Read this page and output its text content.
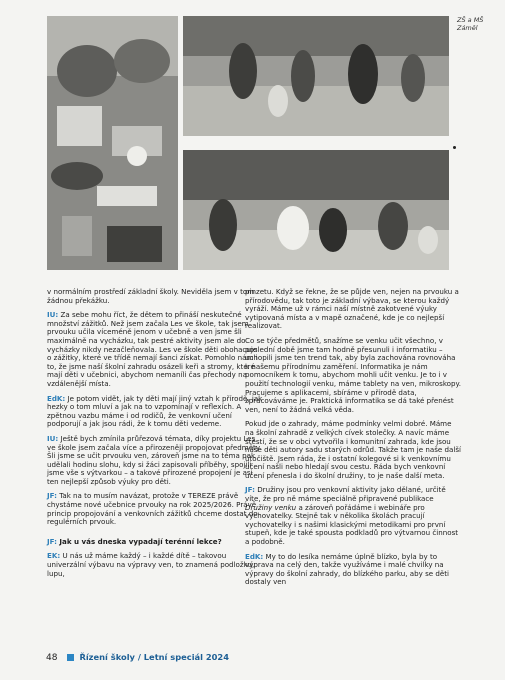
ZŠ a MŠ
Záměl

v normálním prostředí základní školy. Neviděla jsem v tom žádnou překážku.

IU: Za sebe mohu říct, že dětem to přináší neskutečné množství zážitků. Než jsem začala Les ve škole, tak jsem prvouku učila víceméně jenom v učebně a ven jsme šli maximálně na vycházku, tak pestré aktivity jsem ale do vycházky nikdy nezačleňovala. Les ve škole děti obohacuje o zážitky, které ve třídě nemají šanci získat. Pomohlo nám i to, že jsme naší školní zahradu osázeli keři a stromy, které mají děti v učebnici, abychom nemaníli čas přechody na vzdálenější místa.

EdK: Je potom vidět, jak ty děti mají jiný vztah k přírodě, jak hezky o tom mluví a jak na to vzpomínají v reflexích. A zpětnou vazbu máme i od rodičů, že venkovní učení podporují a jak jsou rádi, že k tomu děti vedeme.

IU: Ještě bych zmínila průřezová témata, díky projektu Les ve škole jsem začala více a přirozeněji propojovat předměty. Šli jsme se učit prvouku ven, zároveň jsme na to téma pak udělali hodinu slohu, kdy si žáci zapisovali příběhy, spojili jsme vše s výtvarkou – a takové přirozené propojení je asi ten nejlepší způsob výuky pro děti.

JF: Tak na to musím navázat, protože v TEREZE právě chystáme nové učebnice prvouky na rok 2025/2026. Právě princip propojování a venkovních zážitků chceme dostat do regulérních prvouk.

JF: Jak u vás dneska vypadají terénní lekce?

EK: U nás už máme každý – i každé dítě – takovou univerzální výbavu na výpravy ven, to znamená podložku, lupu,

pinzetu. Když se řekne, že se půjde ven, nejen na prvouku a přírodovědu, tak toto je základní výbava, se kterou každý vyráží. Máme už v rámci naší místně zakotvené výuky vytipovaná místa a v mapě označené, kde je co nejlepší realizovat.

Co se týče předmětů, snažíme se venku učit všechno, v poslední době jsme tam hodně přesunuli i informatiku – uchopili jsme ten trend tak, aby byla zachována rovnováha k našemu přírodnímu zaměření. Informatika je nám pomocníkem k tomu, abychom mohli učit venku. Je to i v použití technologií venku, máme tablety na ven, mikroskopy. Pracujeme s aplikacemi, sbíráme v přírodě data, zpracováváme je. Praktická informatika se dá také přenést ven, není to žádná velká věda.

Pokud jde o zahrady, máme podmínky velmi dobré. Máme na školní zahradě z velkých cívek stolečky. A navíc máme štěstí, že se v obci vytvořila i komunitní zahrada, kde jsou naše děti autory sadu starých odrůd. Takže tam je naše další útočiště. Jsem ráda, že i ostatní kolegové si k venkovnímu učení našli nebo hledají svou cestu. Ráda bych venkovní učení přenesla i do školní družiny, to je naše další meta.

JF: Družiny jsou pro venkovní aktivity jako dělané, určitě víte, že pro ně máme speciálně připravené publikace Družiny venku a zároveň pořádáme i webináře pro vychovatelky. Stejně tak v několika školách pracují vychovatelky i s našimi klasickými metodikami pro první stupeň, kde je také spousta podkladů pro výtvarnou činnost a podobně.

EdK: My to do lesíka nemáme úplně blízko, byla by to výprava na celý den, takže využíváme i malé chvilky na výpravy do školní zahrady, do blízkého parku, aby se děti dostaly ven

48	Řízení školy / Letní speciál 2024
